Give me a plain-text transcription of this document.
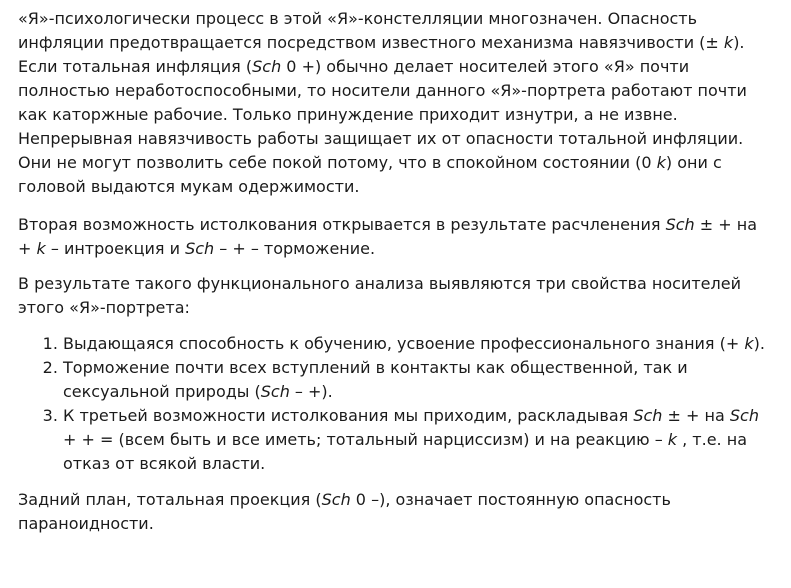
«Я»-психологически процесс в этой «Я»-констелляции многозначен. Опасность инфляции предотвращается посредством известного механизма навязчивости (± k). Если тотальная инфляция (Sch 0 +) обычно делает носителей этого «Я» почти полностью неработоспособными, то носители данного «Я»-портрета работают почти как каторжные рабочие. Только принуждение приходит изнутри, а не извне. Непрерывная навязчивость работы защищает их от опасности тотальной инфляции. Они не могут позволить себе покой потому, что в спокойном состоянии (0 k) они с головой выдаются мукам одержимости.

Вторая возможность истолкования открывается в результате расчленения Sch ± + на + k – интроекция и Sch – + – торможение.

В результате такого функционального анализа выявляются три свойства носителей этого «Я»-портрета:

1. Выдающаяся способность к обучению, усвоение профессионального знания (+ k).
2. Торможение почти всех вступлений в контакты как общественной, так и сексуальной природы (Sch – +).
3. К третьей возможности истолкования мы приходим, раскладывая Sch ± + на Sch + + = (всем быть и все иметь; тотальный нарциссизм) и на реакцию – k , т.е. на отказ от всякой власти.

Задний план, тотальная проекция (Sch 0 –), означает постоянную опасность параноидности.
